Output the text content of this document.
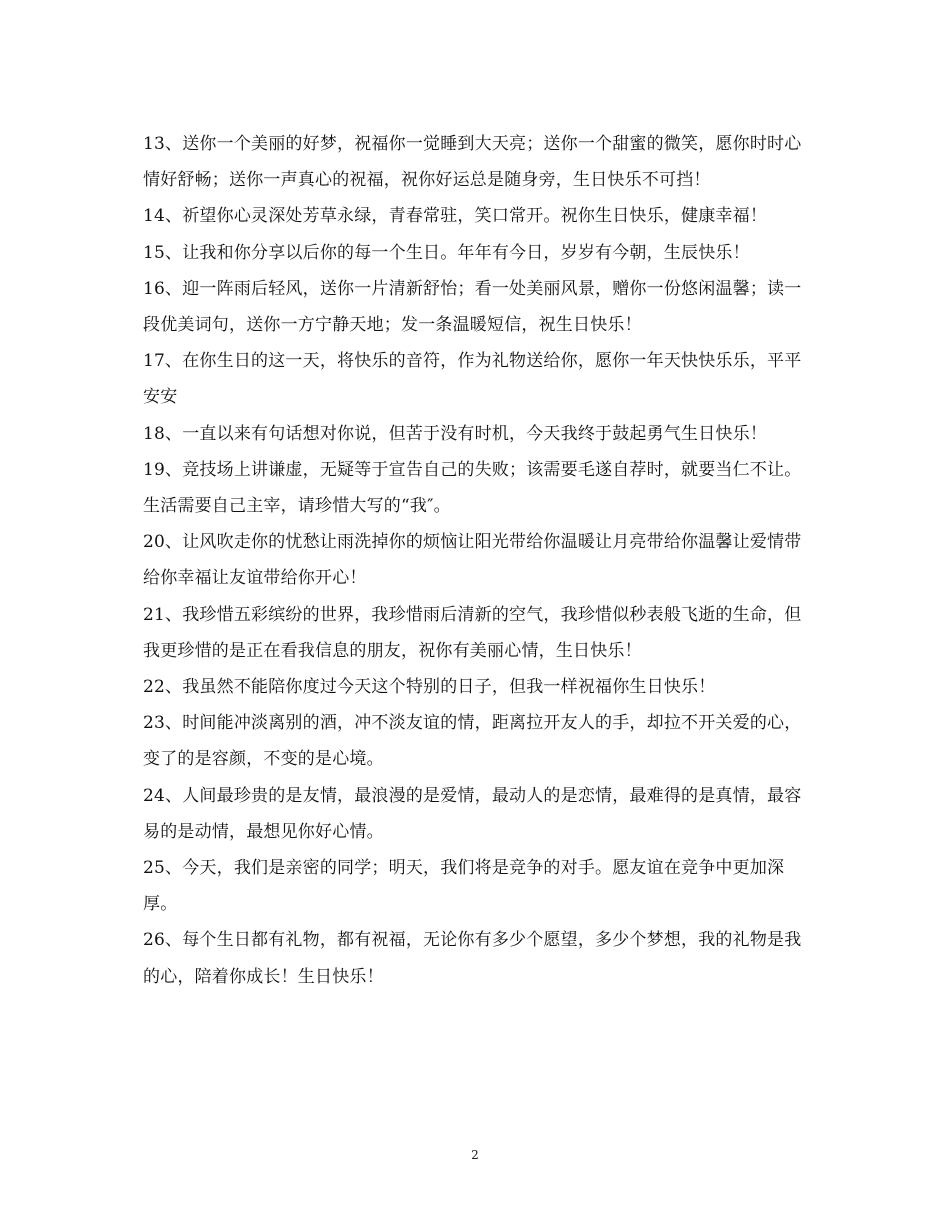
13、送你一个美丽的好梦，祝福你一觉睡到大天亮；送你一个甜蜜的微笑，愿你时时心情好舒畅；送你一声真心的祝福，祝你好运总是随身旁，生日快乐不可挡！

14、祈望你心灵深处芳草永绿，青春常驻，笑口常开。祝你生日快乐，健康幸福！

15、让我和你分享以后你的每一个生日。年年有今日，岁岁有今朝，生辰快乐！

16、迎一阵雨后轻风，送你一片清新舒怡；看一处美丽风景，赠你一份悠闲温馨；读一段优美词句，送你一方宁静天地；发一条温暖短信，祝生日快乐！

17、在你生日的这一天，将快乐的音符，作为礼物送给你，愿你一年天快快乐乐，平平安安

18、一直以来有句话想对你说，但苦于没有时机，今天我终于鼓起勇气生日快乐！

19、竞技场上讲谦虚，无疑等于宣告自己的失败；该需要毛遂自荐时，就要当仁不让。生活需要自己主宰，请珍惜大写的“我″。

20、让风吹走你的忧愁让雨洗掉你的烦恼让阳光带给你温暖让月亮带给你温馨让爱情带给你幸福让友谊带给你开心！

21、我珍惜五彩缤纷的世界，我珍惜雨后清新的空气，我珍惜似秒表般飞逝的生命，但我更珍惜的是正在看我信息的朋友，祝你有美丽心情，生日快乐！

22、我虽然不能陪你度过今天这个特别的日子，但我一样祝福你生日快乐！

23、时间能冲淡离别的酒，冲不淡友谊的情，距离拉开友人的手，却拉不开关爱的心，变了的是容颜，不变的是心境。

24、人间最珍贵的是友情，最浪漫的是爱情，最动人的是恋情，最难得的是真情，最容易的是动情，最想见你好心情。

25、今天，我们是亲密的同学；明天，我们将是竞争的对手。愿友谊在竞争中更加深厚。

26、每个生日都有礼物，都有祝福，无论你有多少个愿望，多少个梦想，我的礼物是我的心，陪着你成长！生日快乐！

2
